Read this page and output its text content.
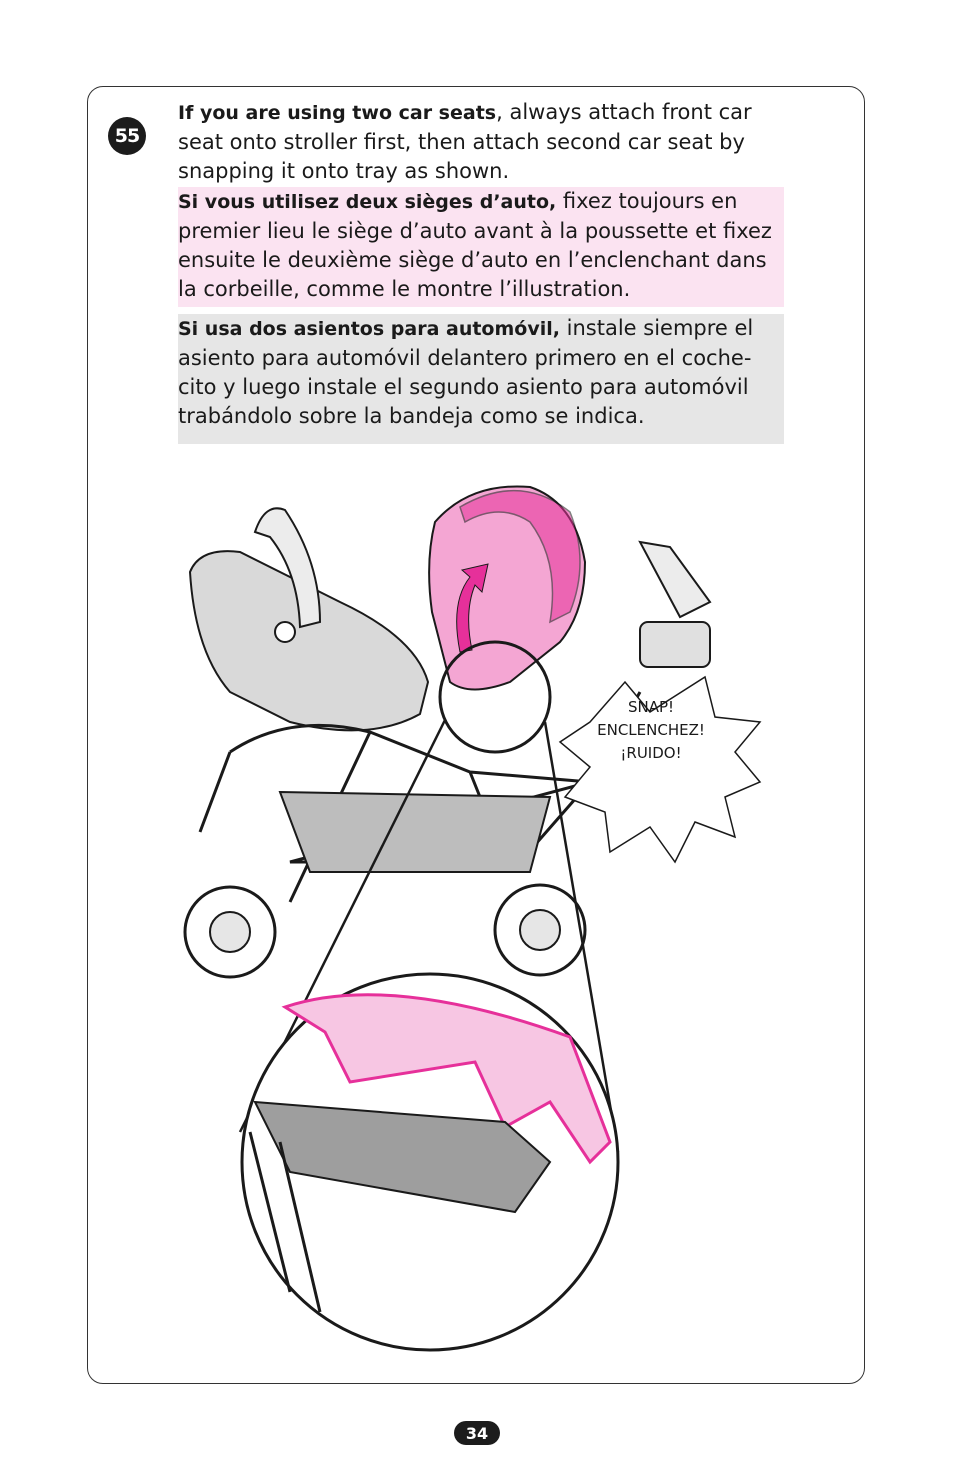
55
If you are using two car seats, always attach front car seat onto stroller first, then attach second car seat by snapping it onto tray as shown.
Si vous utilisez deux sièges d’auto, fixez toujours en premier lieu le siège d’auto avant à la poussette et fixez ensuite le deuxième siège d’auto en l’enclenchant dans la corbeille, comme le montre l’illustration.
Si usa dos asientos para automóvil, instale siempre el asiento para automóvil delantero primero en el coche-cito y luego instale el segundo asiento para automóvil trabándolo sobre la bandeja como se indica.
SNAP!
ENCLENCHEZ!
¡RUIDO!
34
